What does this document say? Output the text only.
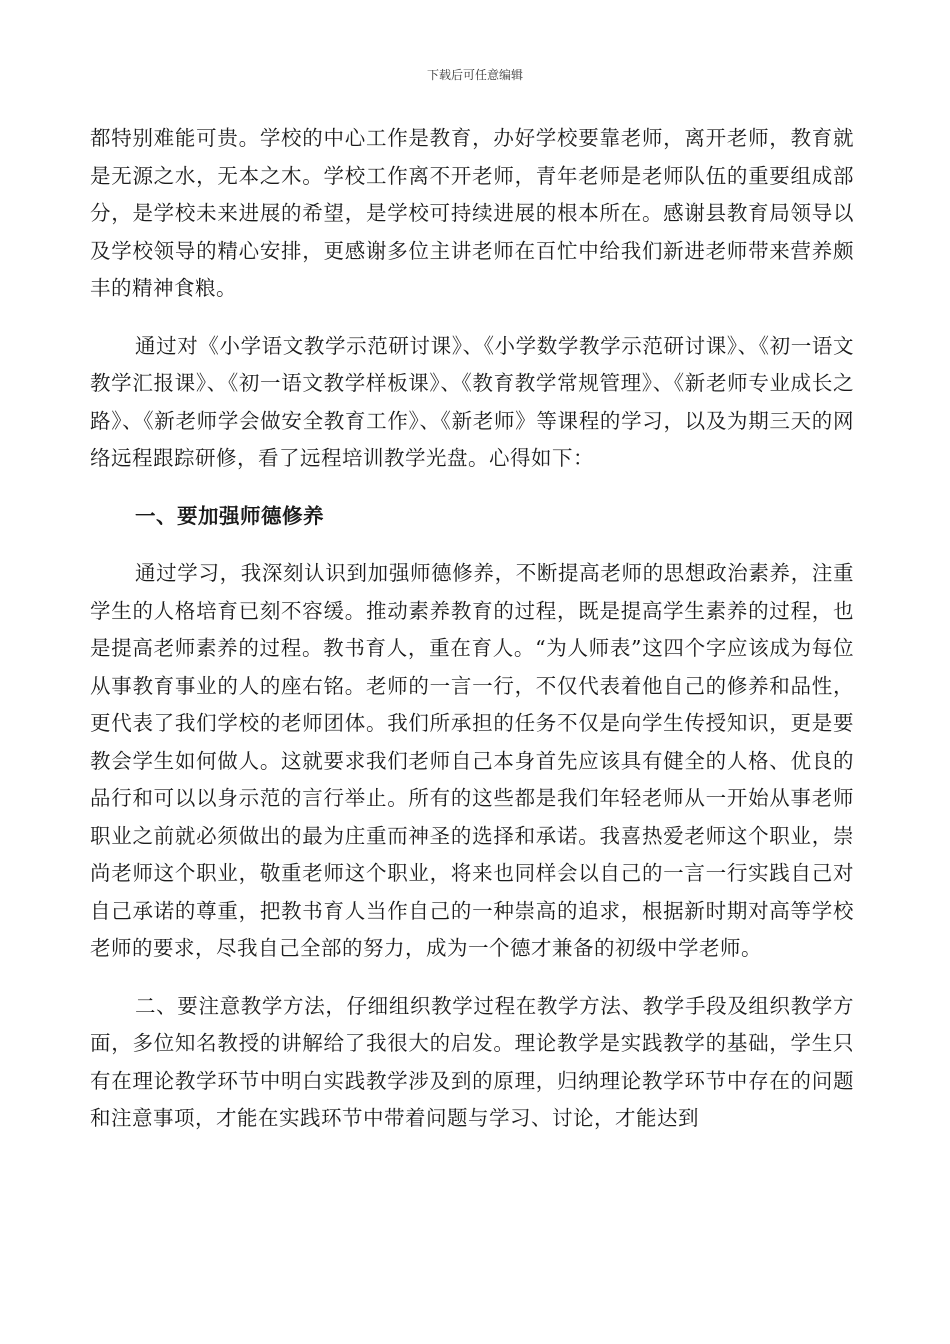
下载后可任意编辑

都特别难能可贵。学校的中心工作是教育，办好学校要靠老师，离开老师，教育就是无源之水，无本之木。学校工作离不开老师，青年老师是老师队伍的重要组成部分，是学校未来进展的希望，是学校可持续进展的根本所在。感谢县教育局领导以及学校领导的精心安排，更感谢多位主讲老师在百忙中给我们新进老师带来营养颇丰的精神食粮。

通过对《小学语文教学示范研讨课》、《小学数学教学示范研讨课》、《初一语文教学汇报课》、《初一语文教学样板课》、《教育教学常规管理》、《新老师专业成长之路》、《新老师学会做安全教育工作》、《新老师》等课程的学习，以及为期三天的网络远程跟踪研修，看了远程培训教学光盘。心得如下：

一、要加强师德修养

通过学习，我深刻认识到加强师德修养，不断提高老师的思想政治素养，注重学生的人格培育已刻不容缓。推动素养教育的过程，既是提高学生素养的过程，也是提高老师素养的过程。教书育人，重在育人。“为人师表”这四个字应该成为每位从事教育事业的人的座右铭。老师的一言一行，不仅代表着他自己的修养和品性，更代表了我们学校的老师团体。我们所承担的任务不仅是向学生传授知识，更是要教会学生如何做人。这就要求我们老师自己本身首先应该具有健全的人格、优良的品行和可以以身示范的言行举止。所有的这些都是我们年轻老师从一开始从事老师职业之前就必须做出的最为庄重而神圣的选择和承诺。我喜热爱老师这个职业，崇尚老师这个职业，敬重老师这个职业，将来也同样会以自己的一言一行实践自己对自己承诺的尊重，把教书育人当作自己的一种崇高的追求，根据新时期对高等学校老师的要求，尽我自己全部的努力，成为一个德才兼备的初级中学老师。

二、要注意教学方法，仔细组织教学过程在教学方法、教学手段及组织教学方面，多位知名教授的讲解给了我很大的启发。理论教学是实践教学的基础，学生只有在理论教学环节中明白实践教学涉及到的原理，归纳理论教学环节中存在的问题和注意事项，才能在实践环节中带着问题与学习、讨论，才能达到
